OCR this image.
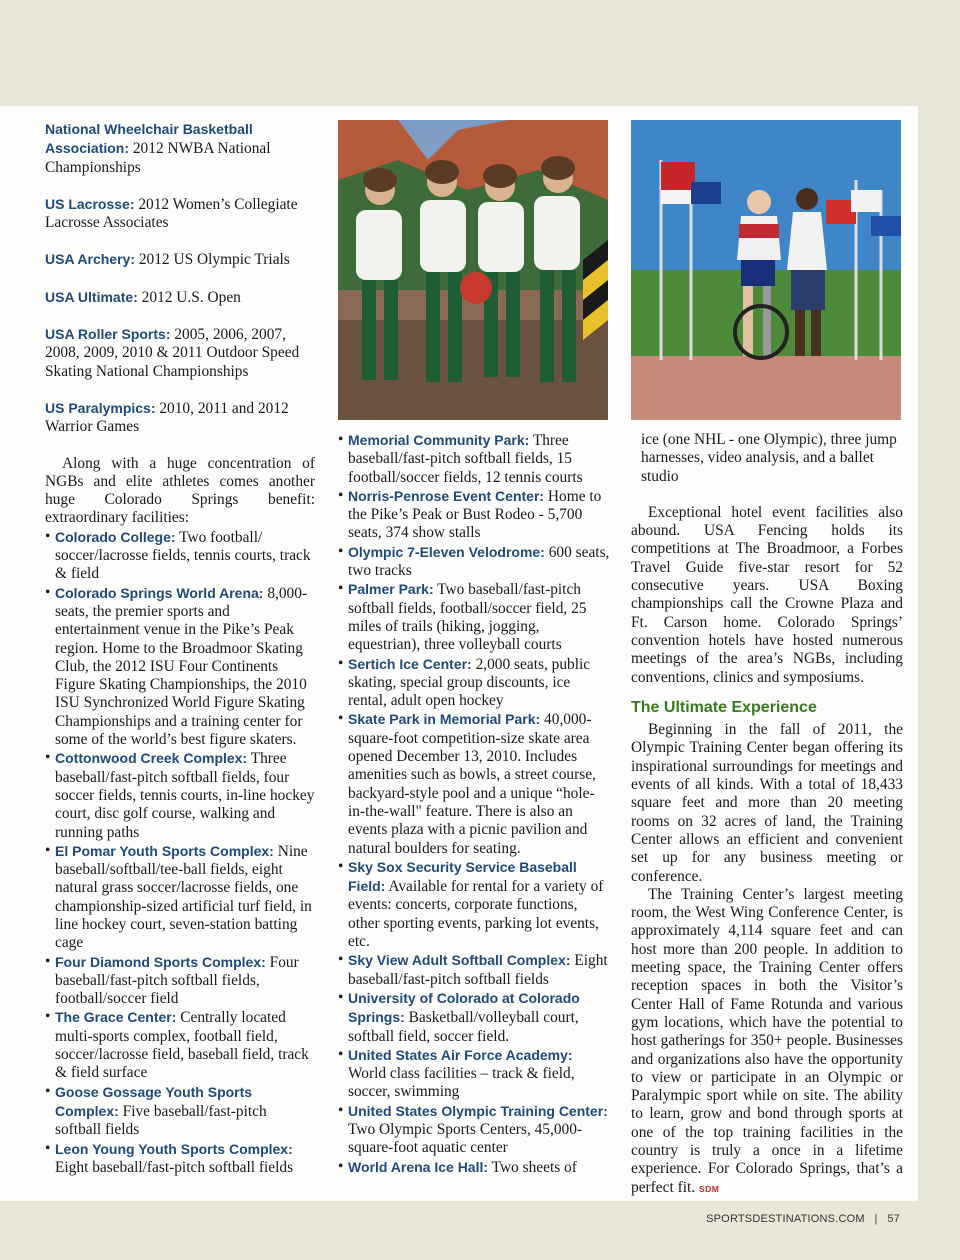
National Wheelchair Basketball Association: 2012 NWBA National Championships
US Lacrosse: 2012 Women’s Collegiate Lacrosse Associates
USA Archery: 2012 US Olympic Trials
USA Ultimate: 2012 U.S. Open
USA Roller Sports: 2005, 2006, 2007, 2008, 2009, 2010 & 2011 Outdoor Speed Skating National Championships
US Paralympics: 2010, 2011 and 2012 Warrior Games

Along with a huge concentration of NGBs and elite athletes comes another huge Colorado Springs benefit: extraordinary facilities:

• Colorado College: Two football/ soccer/lacrosse fields, tennis courts, track & field
• Colorado Springs World Arena: 8,000-seats, the premier sports and entertainment venue in the Pike’s Peak region. Home to the Broadmoor Skating Club, the 2012 ISU Four Continents Figure Skating Championships, the 2010 ISU Synchronized World Figure Skating Championships and a training center for some of the world’s best figure skaters.
• Cottonwood Creek Complex: Three baseball/fast-pitch softball fields, four soccer fields, tennis courts, in-line hockey court, disc golf course, walking and running paths
• El Pomar Youth Sports Complex: Nine baseball/softball/tee-ball fields, eight natural grass soccer/lacrosse fields, one championship-sized artificial turf field, in line hockey court, seven-station batting cage
• Four Diamond Sports Complex: Four baseball/fast-pitch softball fields, football/soccer field
• The Grace Center: Centrally located multi-sports complex, football field, soccer/lacrosse field, baseball field, track & field surface
• Goose Gossage Youth Sports Complex: Five baseball/fast-pitch softball fields
• Leon Young Youth Sports Complex: Eight baseball/fast-pitch softball fields
• Memorial Community Park: Three baseball/fast-pitch softball fields, 15 football/soccer fields, 12 tennis courts
• Norris-Penrose Event Center: Home to the Pike’s Peak or Bust Rodeo - 5,700 seats, 374 show stalls
• Olympic 7-Eleven Velodrome: 600 seats, two tracks
• Palmer Park: Two baseball/fast-pitch softball fields, football/soccer field, 25 miles of trails (hiking, jogging, equestrian), three volleyball courts
• Sertich Ice Center: 2,000 seats, public skating, special group discounts, ice rental, adult open hockey
• Skate Park in Memorial Park: 40,000-square-foot competition-size skate area opened December 13, 2010. Includes amenities such as bowls, a street course, backyard-style pool and a unique “hole-in-the-wall" feature. There is also an events plaza with a picnic pavilion and natural boulders for seating.
• Sky Sox Security Service Baseball Field: Available for rental for a variety of events: concerts, corporate functions, other sporting events, parking lot events, etc.
• Sky View Adult Softball Complex: Eight baseball/fast-pitch softball fields
• University of Colorado at Colorado Springs: Basketball/volleyball court, softball field, soccer field.
• United States Air Force Academy: World class facilities – track & field, soccer, swimming
• United States Olympic Training Center: Two Olympic Sports Centers, 45,000-square-foot aquatic center
• World Arena Ice Hall: Two sheets of

ice (one NHL - one Olympic), three jump harnesses, video analysis, and a ballet studio

Exceptional hotel event facilities also abound. USA Fencing holds its competitions at The Broadmoor, a Forbes Travel Guide five-star resort for 52 consecutive years. USA Boxing championships call the Crowne Plaza and Ft. Carson home. Colorado Springs’ convention hotels have hosted numerous meetings of the area’s NGBs, including conventions, clinics and symposiums.

The Ultimate Experience

Beginning in the fall of 2011, the Olympic Training Center began offering its inspirational surroundings for meetings and events of all kinds. With a total of 18,433 square feet and more than 20 meeting rooms on 32 acres of land, the Training Center allows an efficient and convenient set up for any business meeting or conference.

The Training Center’s largest meeting room, the West Wing Conference Center, is approximately 4,114 square feet and can host more than 200 people. In addition to meeting space, the Training Center offers reception spaces in both the Visitor’s Center Hall of Fame Rotunda and various gym locations, which have the potential to host gatherings for 350+ people. Businesses and organizations also have the opportunity to view or participate in an Olympic or Paralympic sport while on site. The ability to learn, grow and bond through sports at one of the top training facilities in the country is truly a once in a lifetime experience. For Colorado Springs, that’s a perfect fit. SDM

SPORTSDESTINATIONS.COM | 57
